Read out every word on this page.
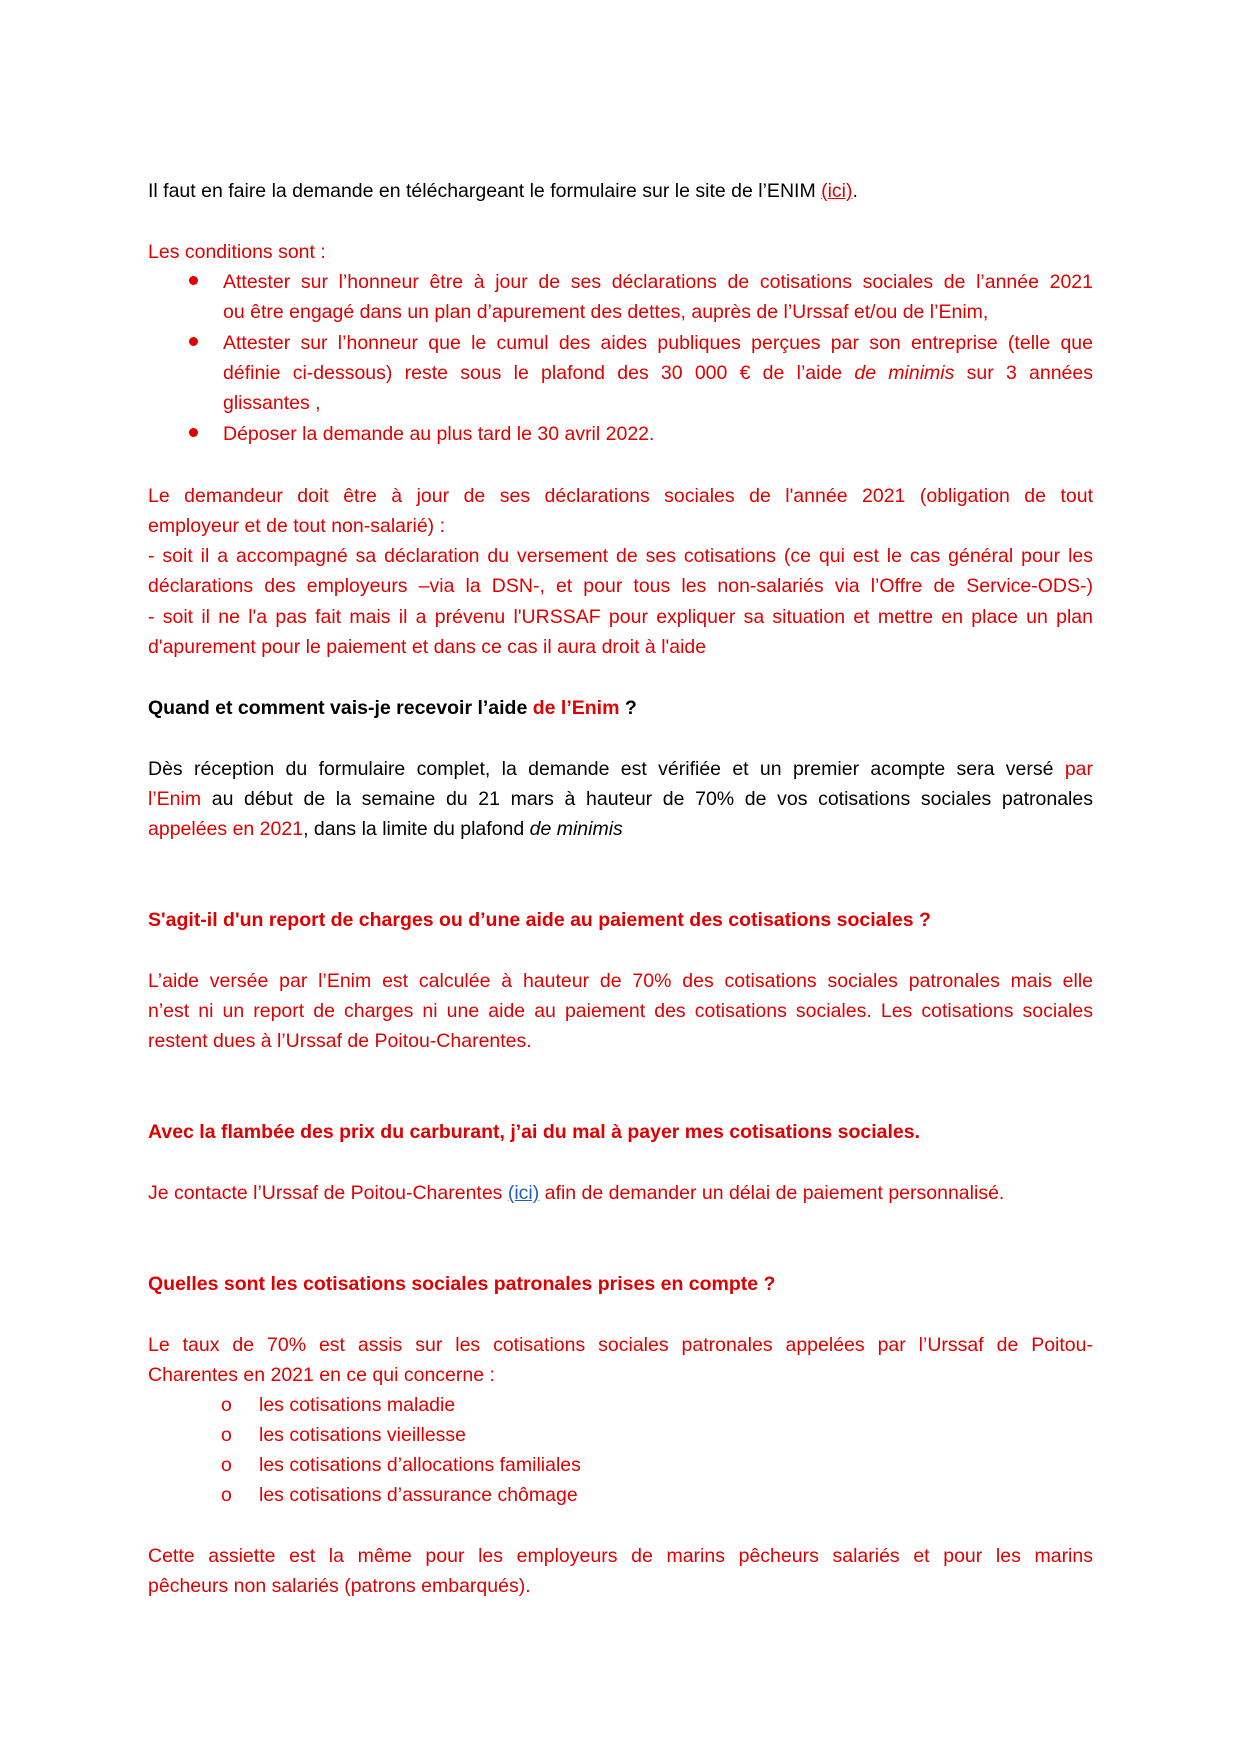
Il faut en faire la demande en téléchargeant le formulaire sur le site de l’ENIM (ici).
Les conditions sont :
Attester sur l’honneur être à jour de ses déclarations de cotisations sociales de l’année 2021
ou être engagé dans un plan d’apurement des dettes, auprès de l’Urssaf et/ou de l’Enim,
Attester sur l’honneur que le cumul des aides publiques perçues par son entreprise (telle que
définie ci-dessous) reste sous le plafond des 30 000 € de l’aide de minimis sur 3 années
glissantes ,
Déposer la demande au plus tard le 30 avril 2022.
Le demandeur doit être à jour de ses déclarations sociales de l'année 2021 (obligation de tout
employeur et de tout non-salarié) :
- soit il a accompagné sa déclaration du versement de ses cotisations (ce qui est le cas général pour les
déclarations des employeurs –via la DSN-, et pour tous les non-salariés via l’Offre de Service-ODS-)
- soit il ne l'a pas fait mais il a prévenu l'URSSAF pour expliquer sa situation et mettre en place un plan
d'apurement pour le paiement et dans ce cas il aura droit à l'aide
Quand et comment vais-je recevoir l’aide de l’Enim ?
Dès réception du formulaire complet, la demande est vérifiée et un premier acompte sera versé par
l’Enim au début de la semaine du 21 mars à hauteur de 70% de vos cotisations sociales patronales
appelées en 2021, dans la limite du plafond de minimis
S'agit-il d'un report de charges ou d’une aide au paiement des cotisations sociales ?
L’aide versée par l’Enim est calculée à hauteur de 70% des cotisations sociales patronales mais elle
n’est ni un report de charges ni une aide au paiement des cotisations sociales. Les cotisations sociales
restent dues à l’Urssaf de Poitou-Charentes.
Avec la flambée des prix du carburant, j’ai du mal à payer mes cotisations sociales.
Je contacte l’Urssaf de Poitou-Charentes (ici) afin de demander un délai de paiement personnalisé.
Quelles sont les cotisations sociales patronales prises en compte ?
Le taux de 70% est assis sur les cotisations sociales patronales appelées par l’Urssaf de Poitou-
Charentes en 2021 en ce qui concerne :
o les cotisations maladie
o les cotisations vieillesse
o les cotisations d’allocations familiales
o les cotisations d’assurance chômage
Cette assiette est la même pour les employeurs de marins pêcheurs salariés et pour les marins
pêcheurs non salariés (patrons embarqués).
